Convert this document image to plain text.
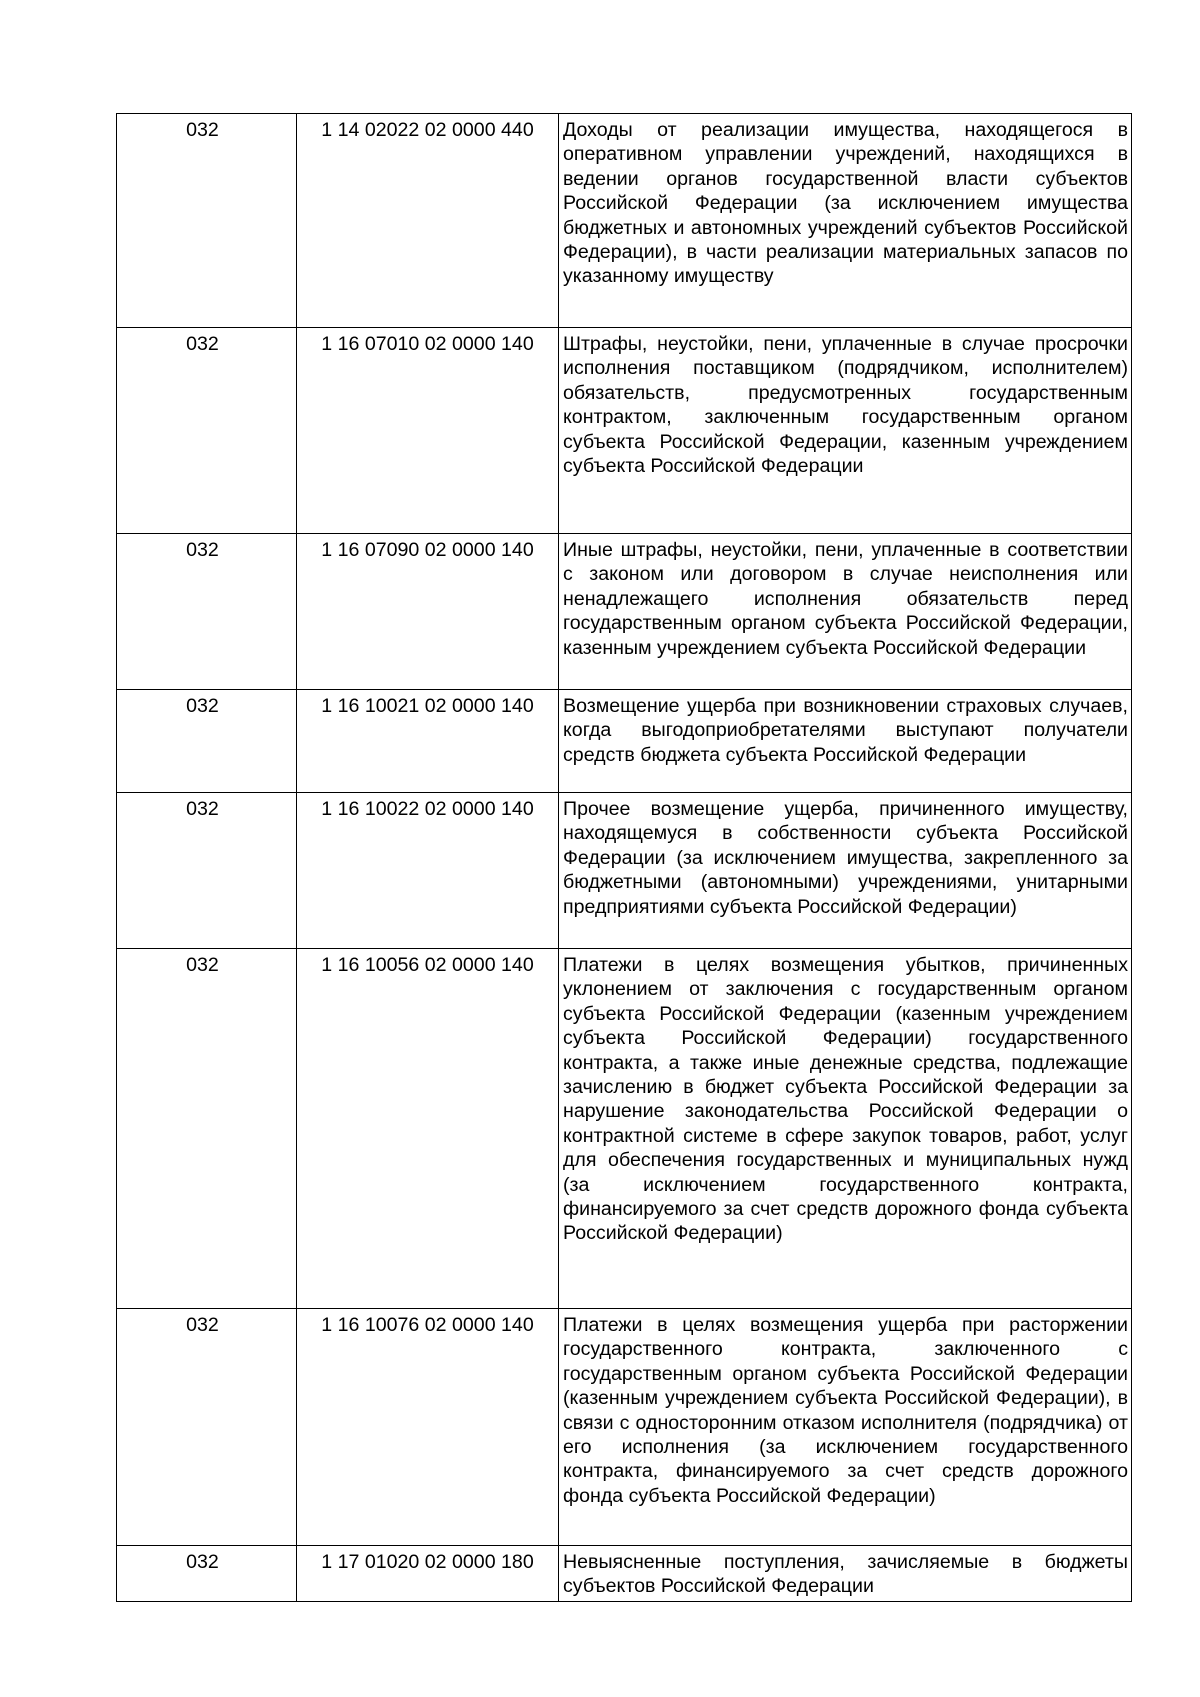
032	1 14 02022 02 0000 440	Доходы от реализации имущества, находящегося в оперативном управлении учреждений, находящихся в ведении органов государственной власти субъектов Российской Федерации (за исключением имущества бюджетных и автономных учреждений субъектов Российской Федерации), в части реализации материальных запасов по указанному имуществу
032	1 16 07010 02 0000 140	Штрафы, неустойки, пени, уплаченные в случае просрочки исполнения поставщиком (подрядчиком, исполнителем) обязательств, предусмотренных государственным контрактом, заключенным государственным органом субъекта Российской Федерации, казенным учреждением субъекта Российской Федерации
032	1 16 07090 02 0000 140	Иные штрафы, неустойки, пени, уплаченные в соответствии с законом или договором в случае неисполнения или ненадлежащего исполнения обязательств перед государственным органом субъекта Российской Федерации, казенным учреждением субъекта Российской Федерации
032	1 16 10021 02 0000 140	Возмещение ущерба при возникновении страховых случаев, когда выгодоприобретателями выступают получатели средств бюджета субъекта Российской Федерации
032	1 16 10022 02 0000 140	Прочее возмещение ущерба, причиненного имуществу, находящемуся в собственности субъекта Российской Федерации (за исключением имущества, закрепленного за бюджетными (автономными) учреждениями, унитарными предприятиями субъекта Российской Федерации)
032	1 16 10056 02 0000 140	Платежи в целях возмещения убытков, причиненных уклонением от заключения с государственным органом субъекта Российской Федерации (казенным учреждением субъекта Российской Федерации) государственного контракта, а также иные денежные средства, подлежащие зачислению в бюджет субъекта Российской Федерации за нарушение законодательства Российской Федерации о контрактной системе в сфере закупок товаров, работ, услуг для обеспечения государственных и муниципальных нужд (за исключением государственного контракта, финансируемого за счет средств дорожного фонда субъекта Российской Федерации)
032	1 16 10076 02 0000 140	Платежи в целях возмещения ущерба при расторжении государственного контракта, заключенного с государственным органом субъекта Российской Федерации (казенным учреждением субъекта Российской Федерации), в связи с односторонним отказом исполнителя (подрядчика) от его исполнения (за исключением государственного контракта, финансируемого за счет средств дорожного фонда субъекта Российской Федерации)
032	1 17 01020 02 0000 180	Невыясненные поступления, зачисляемые в бюджеты субъектов Российской Федерации
